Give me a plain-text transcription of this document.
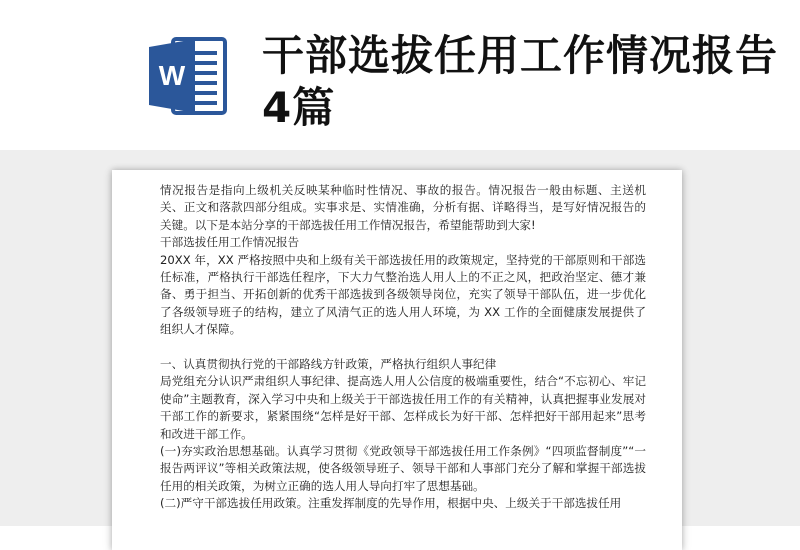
W 干部选拔任用工作情况报告4篇

情况报告是指向上级机关反映某种临时性情况、事故的报告。情况报告一般由标题、主送机关、正文和落款四部分组成。实事求是、实情准确，分析有据、详略得当，是写好情况报告的关键。以下是本站分享的干部选拔任用工作情况报告，希望能帮助到大家!

干部选拔任用工作情况报告

20XX 年，XX 严格按照中央和上级有关干部选拔任用的政策规定，坚持党的干部原则和干部选任标准，严格执行干部选任程序，下大力气整治选人用人上的不正之风，把政治坚定、德才兼备、勇于担当、开拓创新的优秀干部选拔到各级领导岗位，充实了领导干部队伍，进一步优化了各级领导班子的结构，建立了风清气正的选人用人环境，为 XX 工作的全面健康发展提供了组织人才保障。

一、认真贯彻执行党的干部路线方针政策，严格执行组织人事纪律

局党组充分认识严肃组织人事纪律、提高选人用人公信度的极端重要性，结合“不忘初心、牢记使命”主题教育，深入学习中央和上级关于干部选拔任用工作的有关精神，认真把握事业发展对干部工作的新要求，紧紧围绕“怎样是好干部、怎样成长为好干部、怎样把好干部用起来”思考和改进干部工作。

(一)夯实政治思想基础。认真学习贯彻《党政领导干部选拔任用工作条例》“四项监督制度”“一报告两评议”等相关政策法规，使各级领导班子、领导干部和人事部门充分了解和掌握干部选拔任用的相关政策，为树立正确的选人用人导向打牢了思想基础。

(二)严守干部选拔任用政策。注重发挥制度的先导作用，根据中央、上级关于干部选拔任用
